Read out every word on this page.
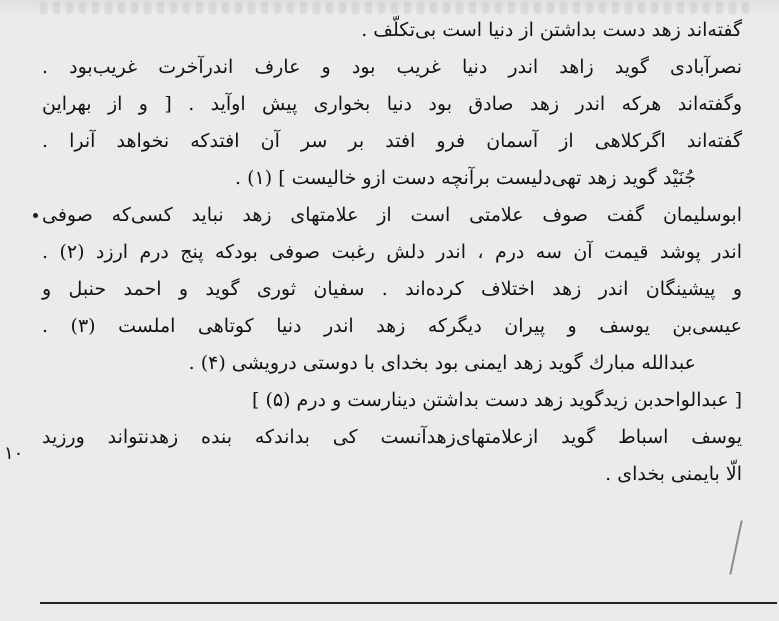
گفته‌اند زهد دست بداشتن از دنیا است بی‌تکلّف .
نصرآبادی گوید زاهد اندر دنیا غریب بود و عارف اندرآخرت غریب‌بود .
وگفته‌اند هرکه اندر زهد صادق بود دنیا بخواری پیش اوآید . [ و از بهراین
گفته‌اند اگرکلاهی از آسمان فرو افتد بر سر آن افتدکه نخواهد آنرا .
جُنَیْد گوید زهد تهی‌دلیست برآنچه دست ازو خالیست ] (۱) .
ابوسلیمان گفت صوف علامتی است از علامتهای زهد نباید کسی‌که صوفی
اندر پوشد قیمت آن سه درم ، اندر دلش رغبت صوفی بودکه پنج درم ارزد (۲) .
و پیشینگان اندر زهد اختلاف کرده‌اند . سفیان ثوری گوید و احمد حنبل و
عیسی‌بن یوسف و پیران دیگرکه زهد اندر دنیا کوتاهی املست (۳) .
عبدالله مبارك گوید زهد ایمنی بود بخدای با دوستی درویشی (۴) .
[ عبدالواحدبن زیدگوید زهد دست بداشتن دینارست و درم (۵) ]
یوسف اسباط گوید ازعلامتهای‌زهدآنست کی بداندکه بنده زهدنتواند ورزید
الّا بایمنی بخدای .
۱۰
